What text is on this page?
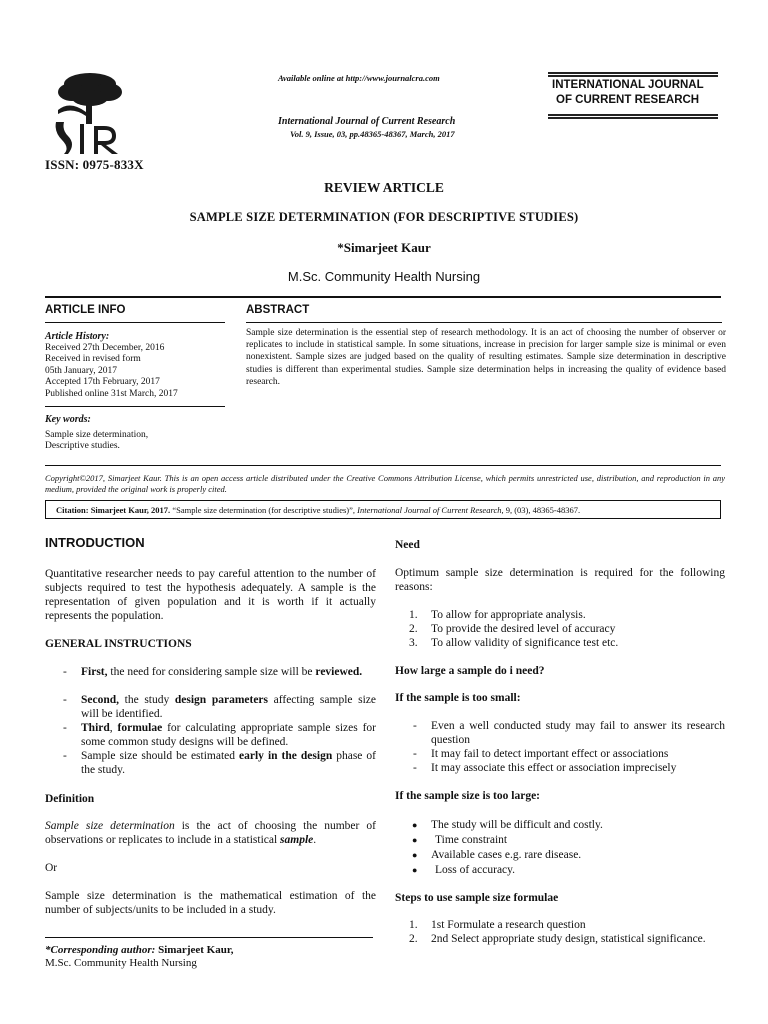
IJCR
ISSN: 0975-833X
Available online at http://www.journalcra.com
International Journal of Current Research
Vol. 9, Issue, 03, pp.48365-48367, March, 2017
INTERNATIONAL JOURNAL
OF CURRENT RESEARCH
REVIEW ARTICLE
SAMPLE SIZE DETERMINATION (FOR DESCRIPTIVE STUDIES)
*Simarjeet Kaur
M.Sc. Community Health Nursing
ARTICLE INFO
Article History:
Received 27th December, 2016
Received in revised form
05th January, 2017
Accepted 17th February, 2017
Published online 31st March, 2017
Key words:
Sample size determination,
Descriptive studies.
ABSTRACT
Sample size determination is the essential step of research methodology. It is an act of choosing the number of observer or replicates to include in statistical sample. In some situations, increase in precision for larger sample size is minimal or even nonexistent. Sample sizes are judged based on the quality of resulting estimates. Sample size determination in descriptive studies is different than experimental studies. Sample size determination helps in increasing the quality of evidence based research.
Copyright©2017, Simarjeet Kaur. This is an open access article distributed under the Creative Commons Attribution License, which permits unrestricted use, distribution, and reproduction in any medium, provided the original work is properly cited.
Citation: Simarjeet Kaur, 2017. “Sample size determination (for descriptive studies)”, International Journal of Current Research, 9, (03), 48365-48367.
INTRODUCTION

Quantitative researcher needs to pay careful attention to the number of subjects required to test the hypothesis adequately. A sample is the representation of given population and it is worth if it actually represents the population.

GENERAL INSTRUCTIONS
- First, the need for considering sample size will be reviewed.
- Second, the study design parameters affecting sample size will be identified.
- Third, formulae for calculating appropriate sample sizes for some common study designs will be defined.
- Sample size should be estimated early in the design phase of the study.
Definition

Sample size determination is the act of choosing the number of observations or replicates to include in a statistical sample.

Or

Sample size determination is the mathematical estimation of the number of subjects/units to be included in a study.

*Corresponding author: Simarjeet Kaur,
M.Sc. Community Health Nursing
Need

Optimum sample size determination is required for the following reasons:

1. To allow for appropriate analysis.
2. To provide the desired level of accuracy
3. To allow validity of significance test etc.
How large a sample do i need?
If the sample is too small:
- Even a well conducted study may fail to answer its research question
- It may fail to detect important effect or associations
- It may associate this effect or association imprecisely
If the sample size is too large:
● The study will be difficult and costly.
● Time constraint
● Available cases e.g. rare disease.
● Loss of accuracy.
Steps to use sample size formulae
1. 1st Formulate a research question
2. 2nd Select appropriate study design, statistical significance.
